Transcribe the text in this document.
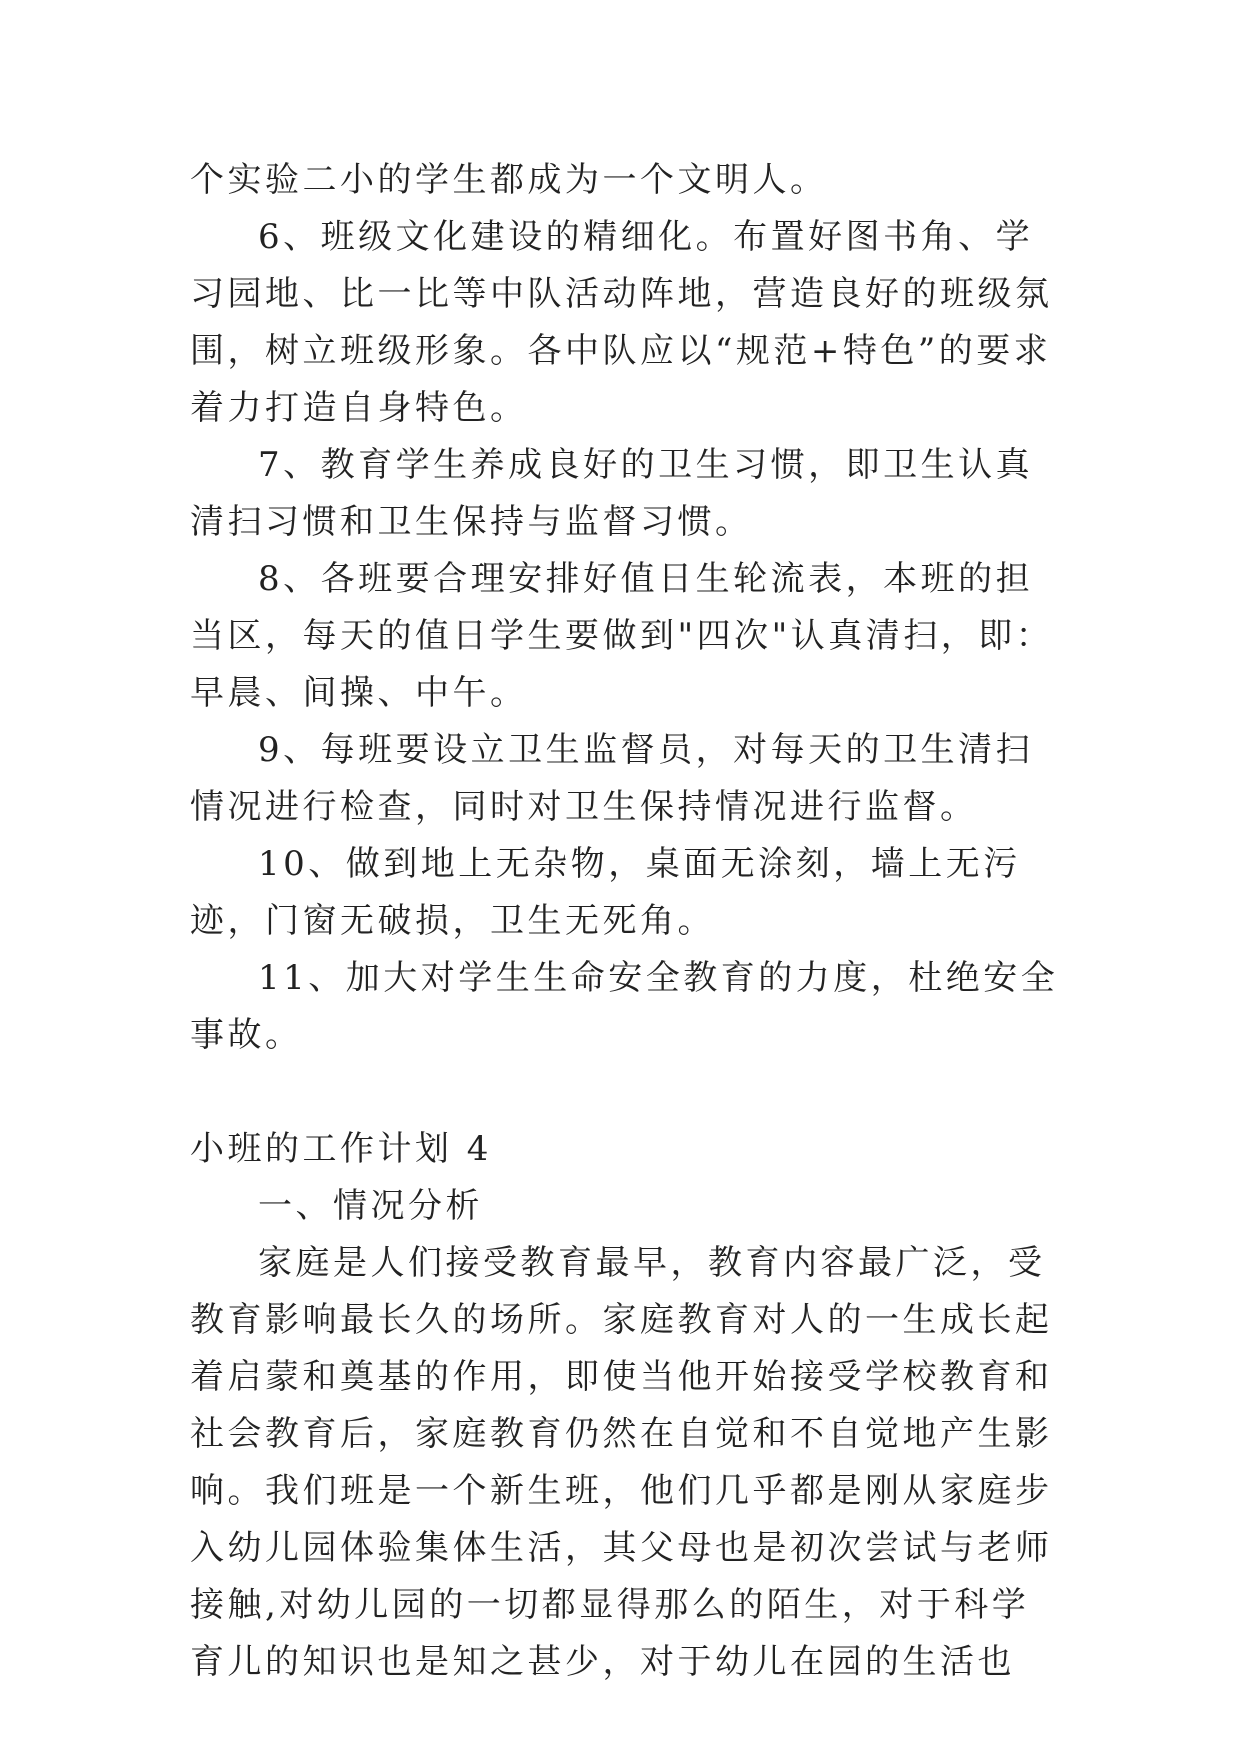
个实验二小的学生都成为一个文明人。

6、班级文化建设的精细化。布置好图书角、学习园地、比一比等中队活动阵地，营造良好的班级氛围，树立班级形象。各中队应以“规范+特色”的要求着力打造自身特色。

7、教育学生养成良好的卫生习惯，即卫生认真清扫习惯和卫生保持与监督习惯。

8、各班要合理安排好值日生轮流表，本班的担当区，每天的值日学生要做到"四次"认真清扫，即：早晨、间操、中午。

9、每班要设立卫生监督员，对每天的卫生清扫情况进行检查，同时对卫生保持情况进行监督。

10、做到地上无杂物，桌面无涂刻，墙上无污迹，门窗无破损，卫生无死角。

11、加大对学生生命安全教育的力度，杜绝安全事故。

小班的工作计划 4

一、情况分析

家庭是人们接受教育最早，教育内容最广泛，受教育影响最长久的场所。家庭教育对人的一生成长起着启蒙和奠基的作用，即使当他开始接受学校教育和社会教育后，家庭教育仍然在自觉和不自觉地产生影响。我们班是一个新生班，他们几乎都是刚从家庭步入幼儿园体验集体生活，其父母也是初次尝试与老师接触,对幼儿园的一切都显得那么的陌生，对于科学育儿的知识也是知之甚少，对于幼儿在园的生活也
